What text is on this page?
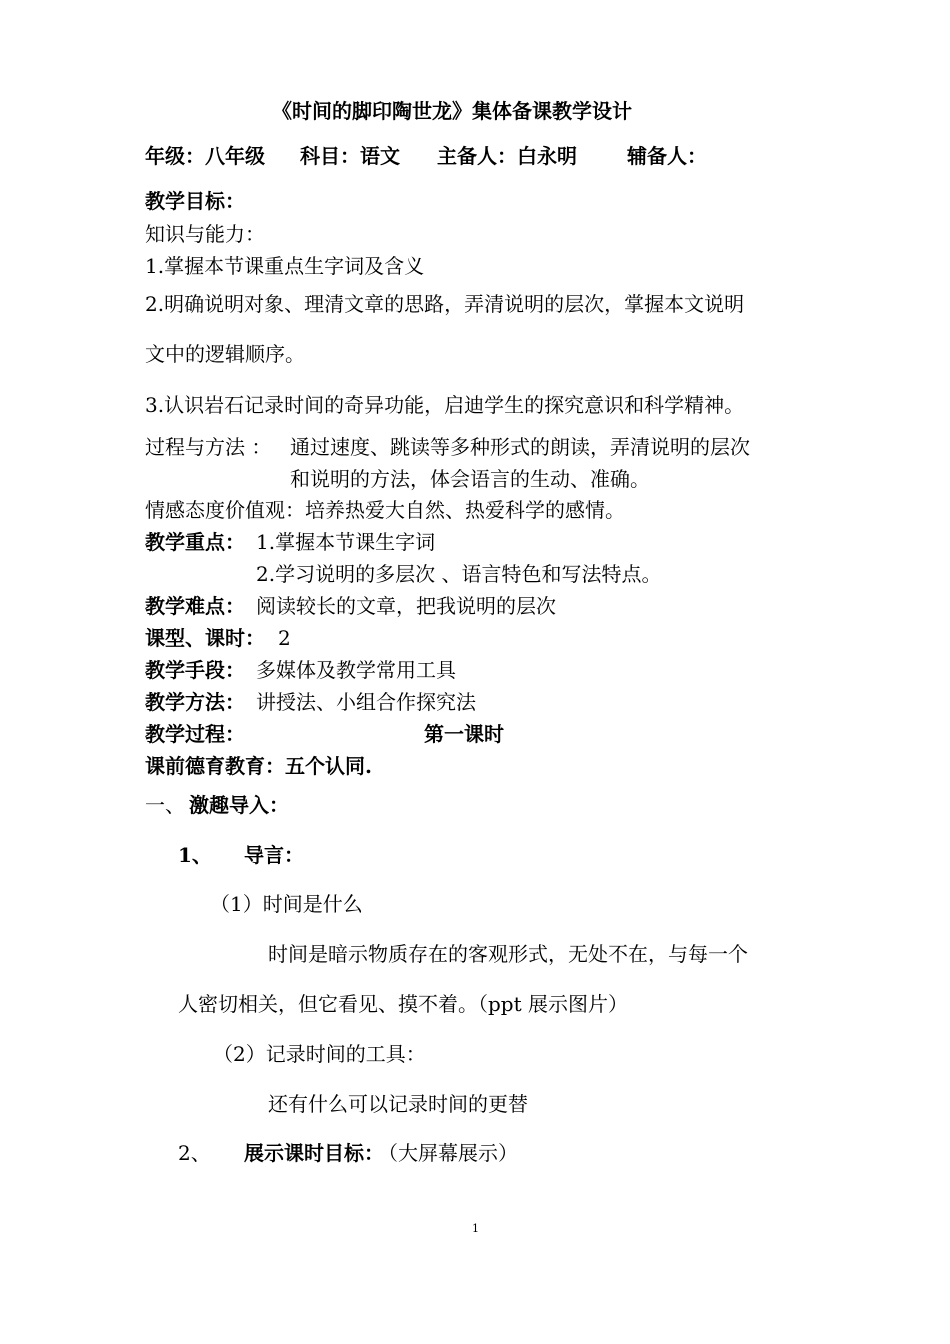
《时间的脚印陶世龙》集体备课教学设计
年级：八年级 科目：语文 主备人：白永明	辅备人：
教学目标：
知识与能力：
1.掌握本节课重点生字词及含义
2.明确说明对象、理清文章的思路，弄清说明的层次，掌握本文说明
文中的逻辑顺序。
3.认识岩石记录时间的奇异功能，启迪学生的探究意识和科学精神。
过程与方法 ： 通过速度、跳读等多种形式的朗读，弄清说明的层次
和说明的方法，体会语言的生动、准确。
情感态度价值观：培养热爱大自然、热爱科学的感情。
教学重点： 1.掌握本节课生字词
2.学习说明的多层次 、语言特色和写法特点。
教学难点： 阅读较长的文章，把我说明的层次
课型、课时： 2
教学手段： 多媒体及教学常用工具
教学方法： 讲授法、小组合作探究法
教学过程：	第一课时
课前德育教育：五个认同.
一、 激趣导入：
1、 导言：
（1）时间是什么
时间是暗示物质存在的客观形式，无处不在，与每一个
人密切相关，但它看见、摸不着。（ppt 展示图片）
（2）记录时间的工具：
还有什么可以记录时间的更替
2、 展示课时目标：
（大屏幕展示）
1
